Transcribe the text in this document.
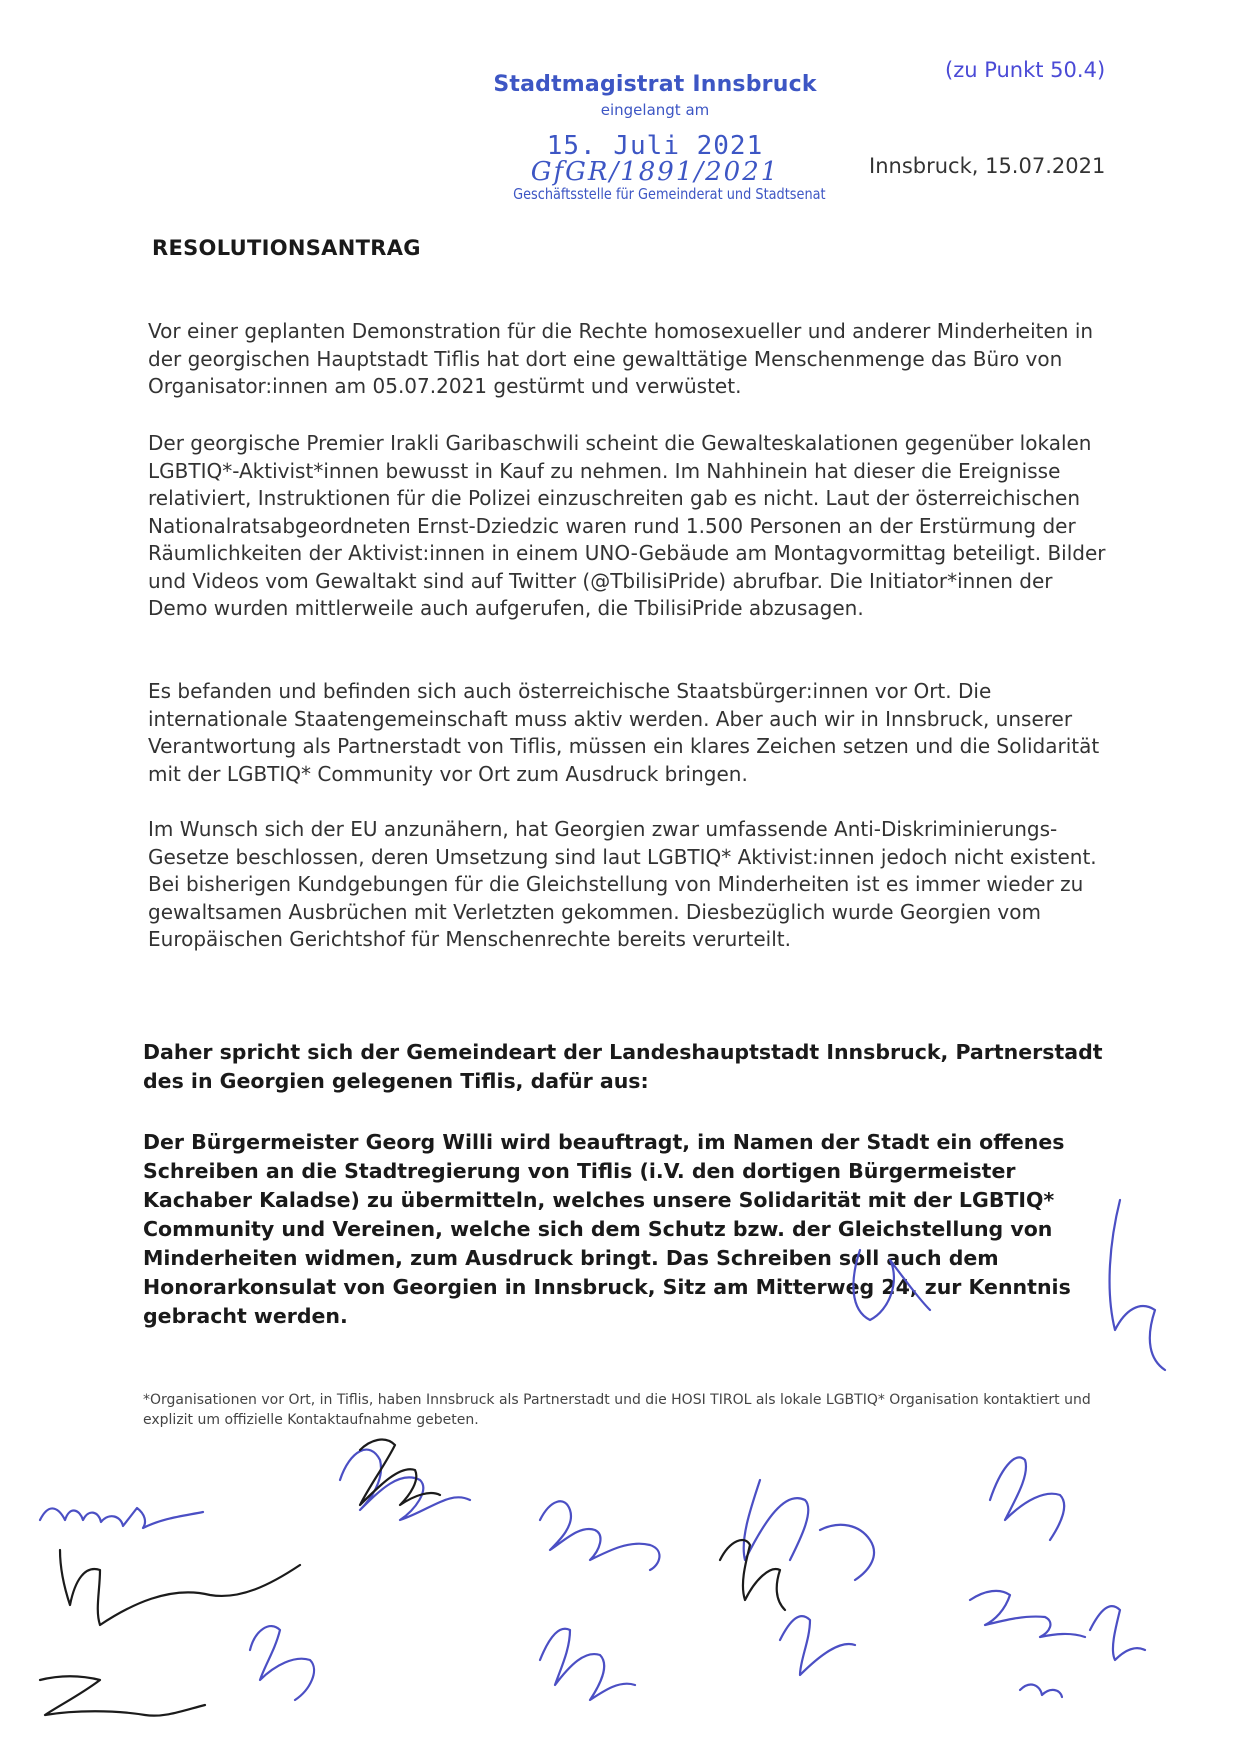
(zu Punkt 50.4)
Stadtmagistrat Innsbruck
eingelangt am
15. Juli 2021
GfGR/1891/2021
Geschäftsstelle für Gemeinderat und Stadtsenat
Innsbruck, 15.07.2021
RESOLUTIONSANTRAG
Vor einer geplanten Demonstration für die Rechte homosexueller und anderer Minderheiten in der georgischen Hauptstadt Tiflis hat dort eine gewalttätige Menschenmenge das Büro von Organisator:innen am 05.07.2021 gestürmt und verwüstet.
Der georgische Premier Irakli Garibaschwili scheint die Gewalteskalationen gegenüber lokalen LGBTIQ*-Aktivist*innen bewusst in Kauf zu nehmen. Im Nahhinein hat dieser die Ereignisse relativiert, Instruktionen für die Polizei einzuschreiten gab es nicht. Laut der österreichischen Nationalratsabgeordneten Ernst-Dziedzic waren rund 1.500 Personen an der Erstürmung der Räumlichkeiten der Aktivist:innen in einem UNO-Gebäude am Montagvormittag beteiligt. Bilder und Videos vom Gewaltakt sind auf Twitter (@TbilisiPride) abrufbar. Die Initiator*innen der Demo wurden mittlerweile auch aufgerufen, die TbilisiPride abzusagen.
Es befanden und befinden sich auch österreichische Staatsbürger:innen vor Ort. Die internationale Staatengemeinschaft muss aktiv werden. Aber auch wir in Innsbruck, unserer Verantwortung als Partnerstadt von Tiflis, müssen ein klares Zeichen setzen und die Solidarität mit der LGBTIQ* Community vor Ort zum Ausdruck bringen.
Im Wunsch sich der EU anzunähern, hat Georgien zwar umfassende Anti-Diskriminierungs-Gesetze beschlossen, deren Umsetzung sind laut LGBTIQ* Aktivist:innen jedoch nicht existent. Bei bisherigen Kundgebungen für die Gleichstellung von Minderheiten ist es immer wieder zu gewaltsamen Ausbrüchen mit Verletzten gekommen. Diesbezüglich wurde Georgien vom Europäischen Gerichtshof für Menschenrechte bereits verurteilt.
Daher spricht sich der Gemeindeart der Landeshauptstadt Innsbruck, Partnerstadt des in Georgien gelegenen Tiflis, dafür aus:
Der Bürgermeister Georg Willi wird beauftragt, im Namen der Stadt ein offenes Schreiben an die Stadtregierung von Tiflis (i.V. den dortigen Bürgermeister Kachaber Kaladse) zu übermitteln, welches unsere Solidarität mit der LGBTIQ* Community und Vereinen, welche sich dem Schutz bzw. der Gleichstellung von Minderheiten widmen, zum Ausdruck bringt. Das Schreiben soll auch dem Honorarkonsulat von Georgien in Innsbruck, Sitz am Mitterweg 24, zur Kenntnis gebracht werden.
*Organisationen vor Ort, in Tiflis, haben Innsbruck als Partnerstadt und die HOSI TIROL als lokale LGBTIQ* Organisation kontaktiert und explizit um offizielle Kontaktaufnahme gebeten.
